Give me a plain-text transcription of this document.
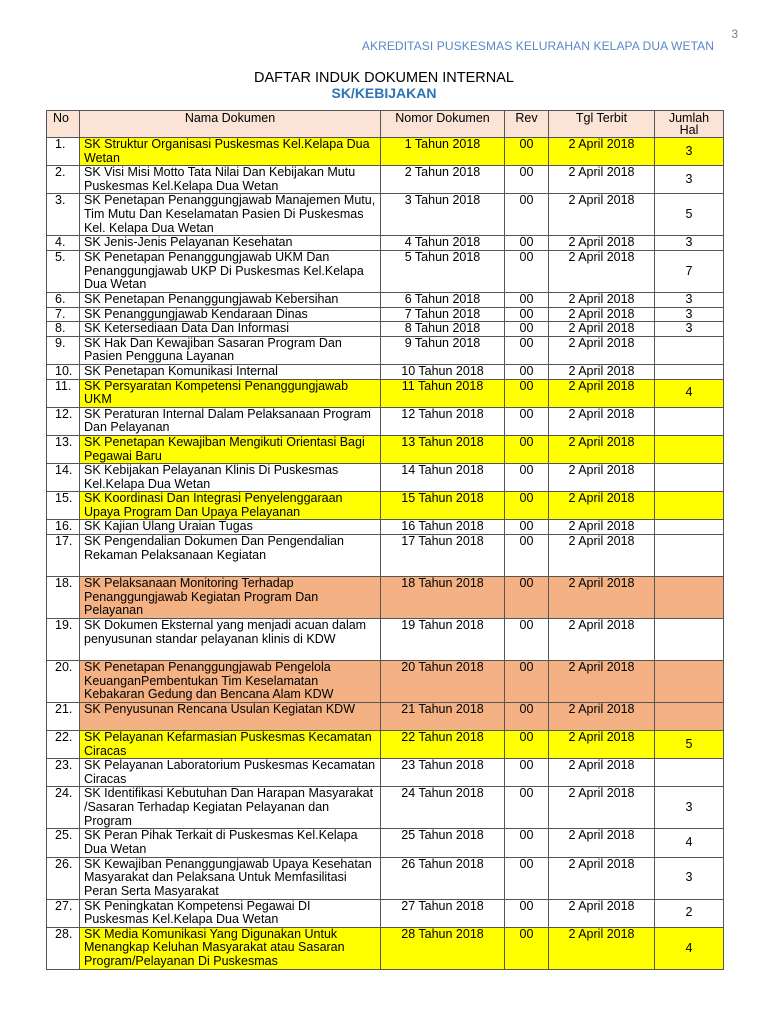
3
AKREDITASI PUSKESMAS KELURAHAN KELAPA DUA WETAN
DAFTAR INDUK DOKUMEN INTERNAL
SK/KEBIJAKAN
No	Nama Dokumen	Nomor Dokumen	Rev	Tgl Terbit	Jumlah Hal
1.	SK Struktur Organisasi Puskesmas Kel.Kelapa Dua Wetan	1 Tahun 2018	00	2 April 2018	3
2.	SK Visi Misi Motto Tata Nilai Dan Kebijakan Mutu Puskesmas Kel.Kelapa Dua Wetan	2 Tahun 2018	00	2 April 2018	3
3.	SK Penetapan Penanggungjawab Manajemen Mutu, Tim Mutu Dan Keselamatan Pasien Di Puskesmas Kel. Kelapa Dua Wetan	3 Tahun 2018	00	2 April 2018	5
4.	SK Jenis-Jenis Pelayanan Kesehatan	4 Tahun 2018	00	2 April 2018	3
5.	SK Penetapan Penanggungjawab UKM Dan Penanggungjawab UKP Di Puskesmas Kel.Kelapa Dua Wetan	5 Tahun 2018	00	2 April 2018	7
6.	SK Penetapan Penanggungjawab Kebersihan	6 Tahun 2018	00	2 April 2018	3
7.	SK Penanggungjawab Kendaraan Dinas	7 Tahun 2018	00	2 April 2018	3
8.	SK Ketersediaan Data Dan Informasi	8 Tahun 2018	00	2 April 2018	3
9.	SK Hak Dan Kewajiban Sasaran Program Dan Pasien Pengguna Layanan	9 Tahun 2018	00	2 April 2018	
10.	SK Penetapan Komunikasi Internal	10 Tahun 2018	00	2 April 2018	
11.	SK Persyaratan Kompetensi Penanggungjawab UKM	11 Tahun 2018	00	2 April 2018	4
12.	SK Peraturan Internal Dalam Pelaksanaan Program Dan Pelayanan	12 Tahun 2018	00	2 April 2018	
13.	SK Penetapan Kewajiban Mengikuti Orientasi Bagi Pegawai Baru	13 Tahun 2018	00	2 April 2018	
14.	SK Kebijakan Pelayanan Klinis Di Puskesmas Kel.Kelapa Dua Wetan	14 Tahun 2018	00	2 April 2018	
15.	SK Koordinasi Dan Integrasi Penyelenggaraan Upaya Program Dan Upaya Pelayanan	15 Tahun 2018	00	2 April 2018	
16.	SK Kajian Ulang Uraian Tugas	16 Tahun 2018	00	2 April 2018	
17.	SK Pengendalian Dokumen Dan Pengendalian Rekaman Pelaksanaan Kegiatan	17 Tahun 2018	00	2 April 2018	
18.	SK Pelaksanaan Monitoring Terhadap Penanggungjawab Kegiatan Program Dan Pelayanan	18 Tahun 2018	00	2 April 2018	
19.	SK Dokumen Eksternal yang menjadi acuan dalam penyusunan standar pelayanan klinis di KDW	19 Tahun 2018	00	2 April 2018	
20.	SK Penetapan Penanggungjawab Pengelola KeuanganPembentukan Tim Keselamatan Kebakaran Gedung dan Bencana Alam KDW	20 Tahun 2018	00	2 April 2018	
21.	SK Penyusunan Rencana Usulan Kegiatan KDW	21 Tahun 2018	00	2 April 2018	
22.	SK Pelayanan Kefarmasian Puskesmas Kecamatan Ciracas	22 Tahun 2018	00	2 April 2018	5
23.	SK Pelayanan Laboratorium Puskesmas Kecamatan Ciracas	23 Tahun 2018	00	2 April 2018	
24.	SK Identifikasi Kebutuhan Dan Harapan Masyarakat /Sasaran Terhadap Kegiatan Pelayanan dan Program	24 Tahun 2018	00	2 April 2018	3
25.	SK Peran Pihak Terkait di Puskesmas Kel.Kelapa Dua Wetan	25 Tahun 2018	00	2 April 2018	4
26.	SK Kewajiban Penanggungjawab Upaya Kesehatan Masyarakat dan Pelaksana Untuk Memfasilitasi Peran Serta Masyarakat	26 Tahun 2018	00	2 April 2018	3
27.	SK Peningkatan Kompetensi Pegawai DI Puskesmas Kel.Kelapa Dua Wetan	27 Tahun 2018	00	2 April 2018	2
28.	SK Media Komunikasi Yang Digunakan Untuk Menangkap Keluhan Masyarakat atau Sasaran Program/Pelayanan Di Puskesmas	28 Tahun 2018	00	2 April 2018	4
